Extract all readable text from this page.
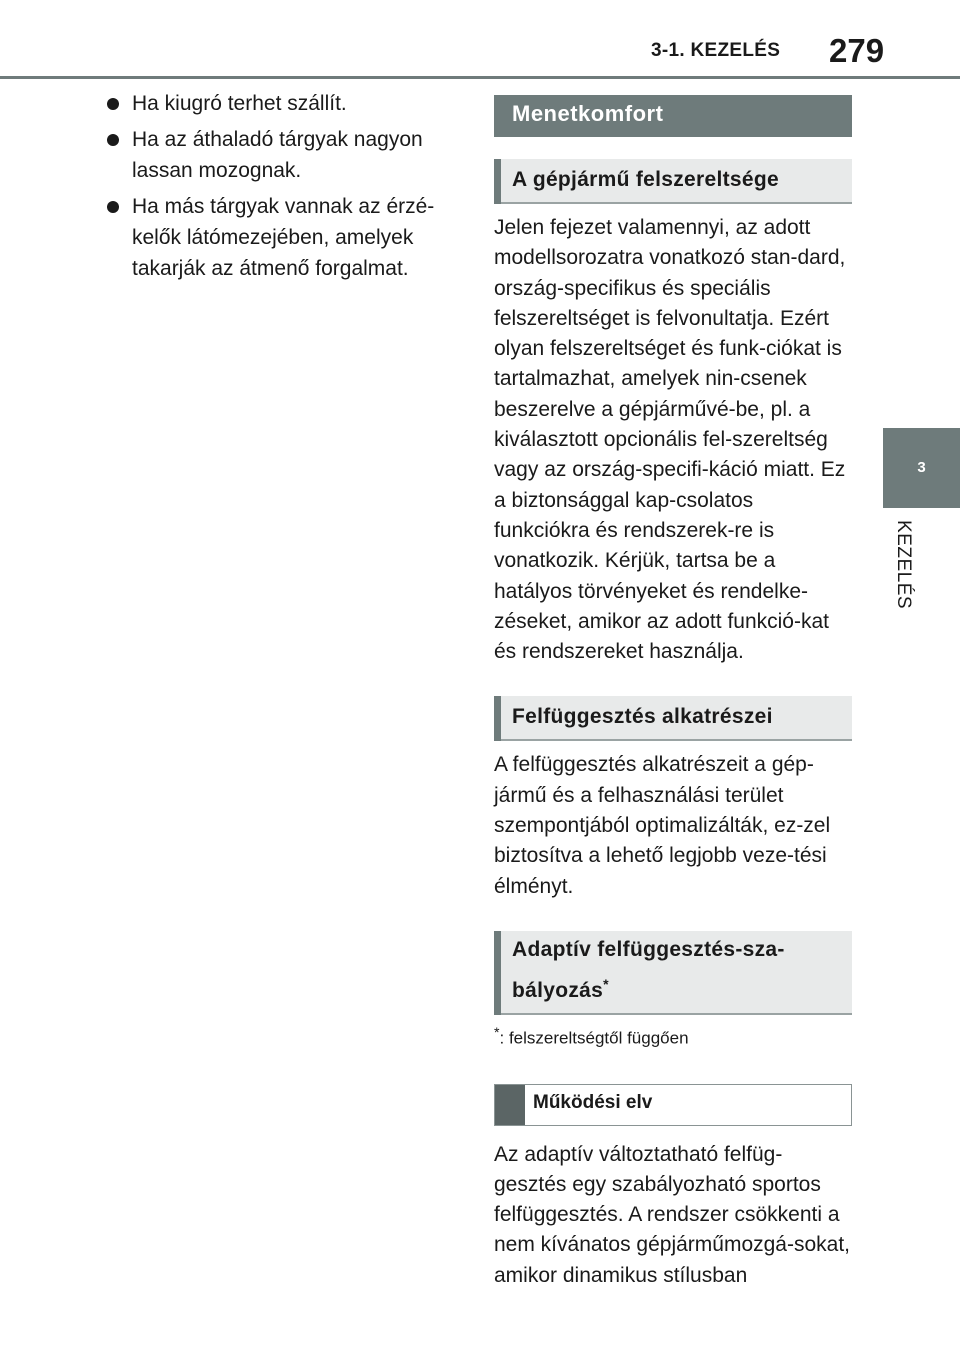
3-1. KEZELÉS 279
3
KEZELÉS
Ha kiugró terhet szállít.
Ha az áthaladó tárgyak nagyon lassan mozognak.
Ha más tárgyak vannak az érzé-kelők látómezejében, amelyek takarják az átmenő forgalmat.
Menetkomfort
A gépjármű felszereltsége

Jelen fejezet valamennyi, az adott modellsorozatra vonatkozó stan-dard, ország-specifikus és speciális felszereltséget is felvonultatja. Ezért olyan felszereltséget és funk-ciókat is tartalmazhat, amelyek nin-csenek beszerelve a gépjárművé-be, pl. a kiválasztott opcionális fel-szereltség vagy az ország-specifi-káció miatt. Ez a biztonsággal kap-csolatos funkciókra és rendszerek-re is vonatkozik. Kérjük, tartsa be a hatályos törvényeket és rendelke-zéseket, amikor az adott funkció-kat és rendszereket használja.

Felfüggesztés alkatrészei

A felfüggesztés alkatrészeit a gép-jármű és a felhasználási terület szempontjából optimalizálták, ez-zel biztosítva a lehető legjobb veze-tési élményt.

Adaptív felfüggesztés-sza-
bályozás*

*: felszereltségtől függően

Működési elv

Az adaptív változtatható felfüg-gesztés egy szabályozható sportos felfüggesztés. A rendszer csökkenti a nem kívánatos gépjárműmozgá-sokat, amikor dinamikus stílusban
